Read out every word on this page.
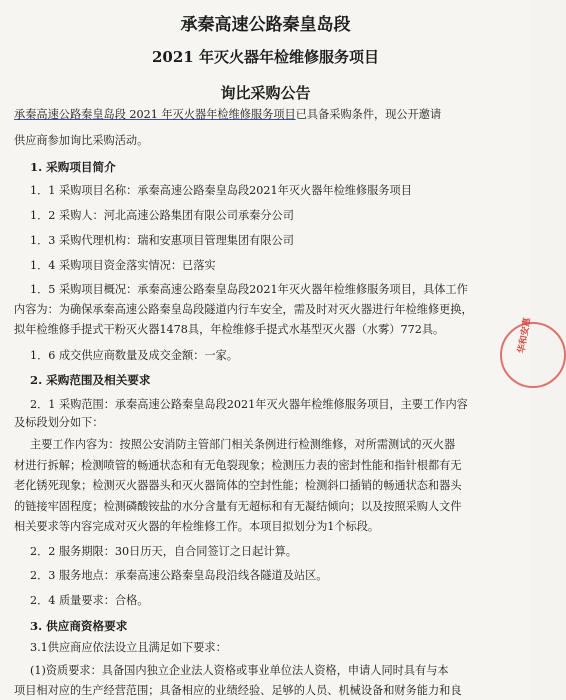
承秦高速公路秦皇岛段
2021 年灭火器年检维修服务项目
询比采购公告
承秦高速公路秦皇岛段 2021 年灭火器年检维修服务项目已具备采购条件，现公开邀请
供应商参加询比采购活动。
1. 采购项目简介
1．1 采购项目名称：承秦高速公路秦皇岛段2021年灭火器年检维修服务项目
1．2 采购人：河北高速公路集团有限公司承秦分公司
1．3 采购代理机构：瑞和安惠项目管理集团有限公司
1．4 采购项目资金落实情况：已落实
1．5 采购项目概况：承秦高速公路秦皇岛段2021年灭火器年检维修服务项目，具体工作
内容为：为确保承秦高速公路秦皇岛段隧道内行车安全，需及时对灭火器进行年检维修更换，
拟年检维修手提式干粉灭火器1478具，年检维修手提式水基型灭火器（水雾）772具。
1．6 成交供应商数量及成交金额：一家。
2. 采购范围及相关要求
2．1 采购范围：承秦高速公路秦皇岛段2021年灭火器年检维修服务项目，主要工作内容
及标段划分如下：
主要工作内容为：按照公安消防主管部门相关条例进行检测维修，对所需测试的灭火器
材进行拆解；检测喷管的畅通状态和有无龟裂现象；检测压力表的密封性能和指针根都有无
老化锈死现象；检测灭火器器头和灭火器筒体的空封性能；检测斜口插销的畅通状态和器头
的链接牢固程度；检测磷酸铵盐的水分含量有无超标和有无凝结倾向；以及按照采购人文件
相关要求等内容完成对灭火器的年检维修工作。本项目拟划分为1个标段。
2．2 服务期限：30日历天，自合同签订之日起计算。
2．3 服务地点：承秦高速公路秦皇岛段沿线各隧道及站区。
2．4 质量要求：合格。
3. 供应商资格要求
3.1供应商应依法设立且满足如下要求：
(1)资质要求：具备国内独立企业法人资格或事业单位法人资格，申请人同时具有与本
项目相对应的生产经营范围；具备相应的业绩经验、足够的人员、机械设备和财务能力和良
华和安惠
